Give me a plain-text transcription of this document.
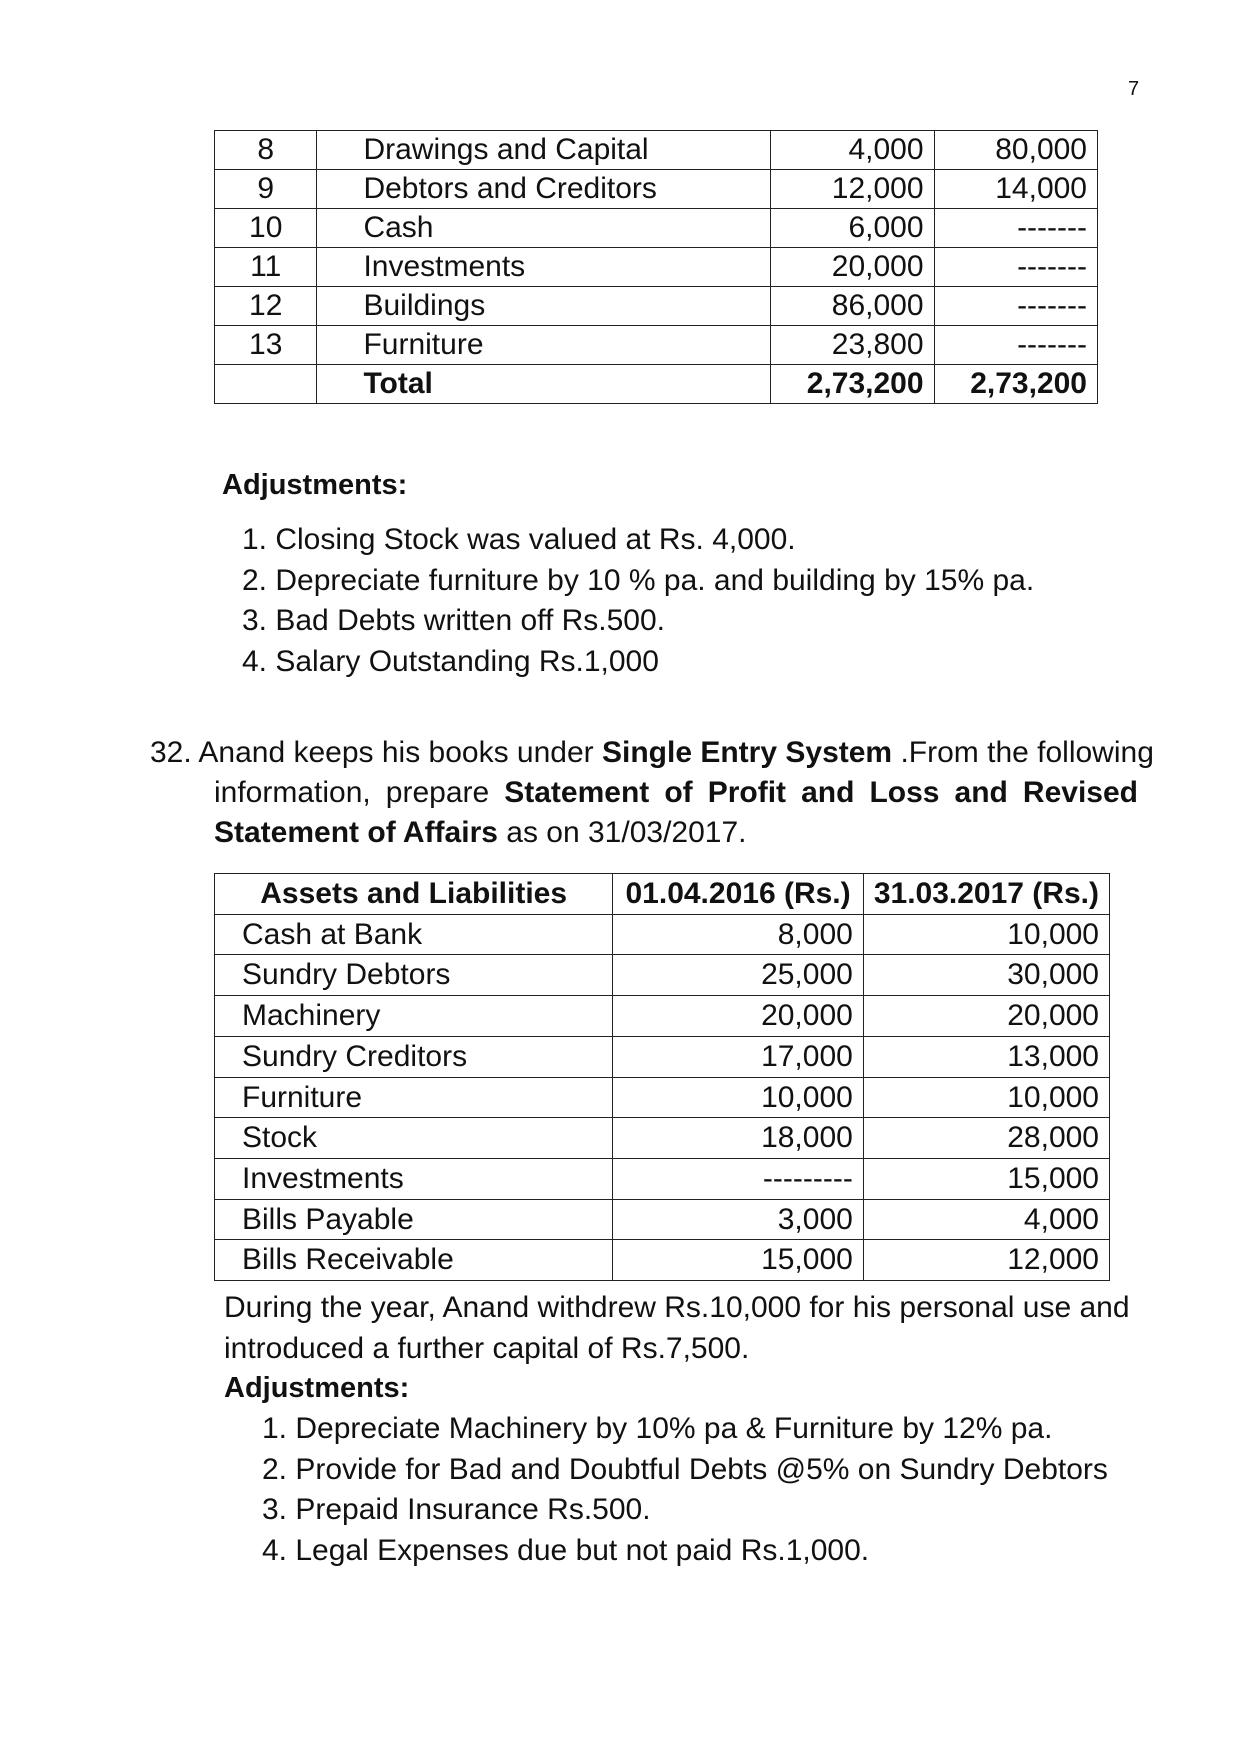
7
8	Drawings and Capital	4,000	80,000
9	Debtors and Creditors	12,000	14,000
10	Cash	6,000	-------
11	Investments	20,000	-------
12	Buildings	86,000	-------
13	Furniture	23,800	-------
	Total	2,73,200	2,73,200
Adjustments:
1. Closing Stock was valued at Rs. 4,000.
2. Depreciate furniture by 10 % pa. and building by 15% pa.
3. Bad Debts written off Rs.500.
4. Salary Outstanding Rs.1,000
32. Anand keeps his books under Single Entry System .From the following
information, prepare Statement of Profit and Loss and Revised
Statement of Affairs as on 31/03/2017.
Assets and Liabilities	01.04.2016 (Rs.)	31.03.2017 (Rs.)
Cash at Bank	8,000	10,000
Sundry Debtors	25,000	30,000
Machinery	20,000	20,000
Sundry Creditors	17,000	13,000
Furniture	10,000	10,000
Stock	18,000	28,000
Investments	---------	15,000
Bills Payable	3,000	4,000
Bills Receivable	15,000	12,000
During the year, Anand withdrew Rs.10,000 for his personal use and
introduced a further capital of Rs.7,500.
Adjustments:
1. Depreciate Machinery by 10% pa & Furniture by 12% pa.
2. Provide for Bad and Doubtful Debts @5% on Sundry Debtors
3. Prepaid Insurance Rs.500.
4. Legal Expenses due but not paid Rs.1,000.
